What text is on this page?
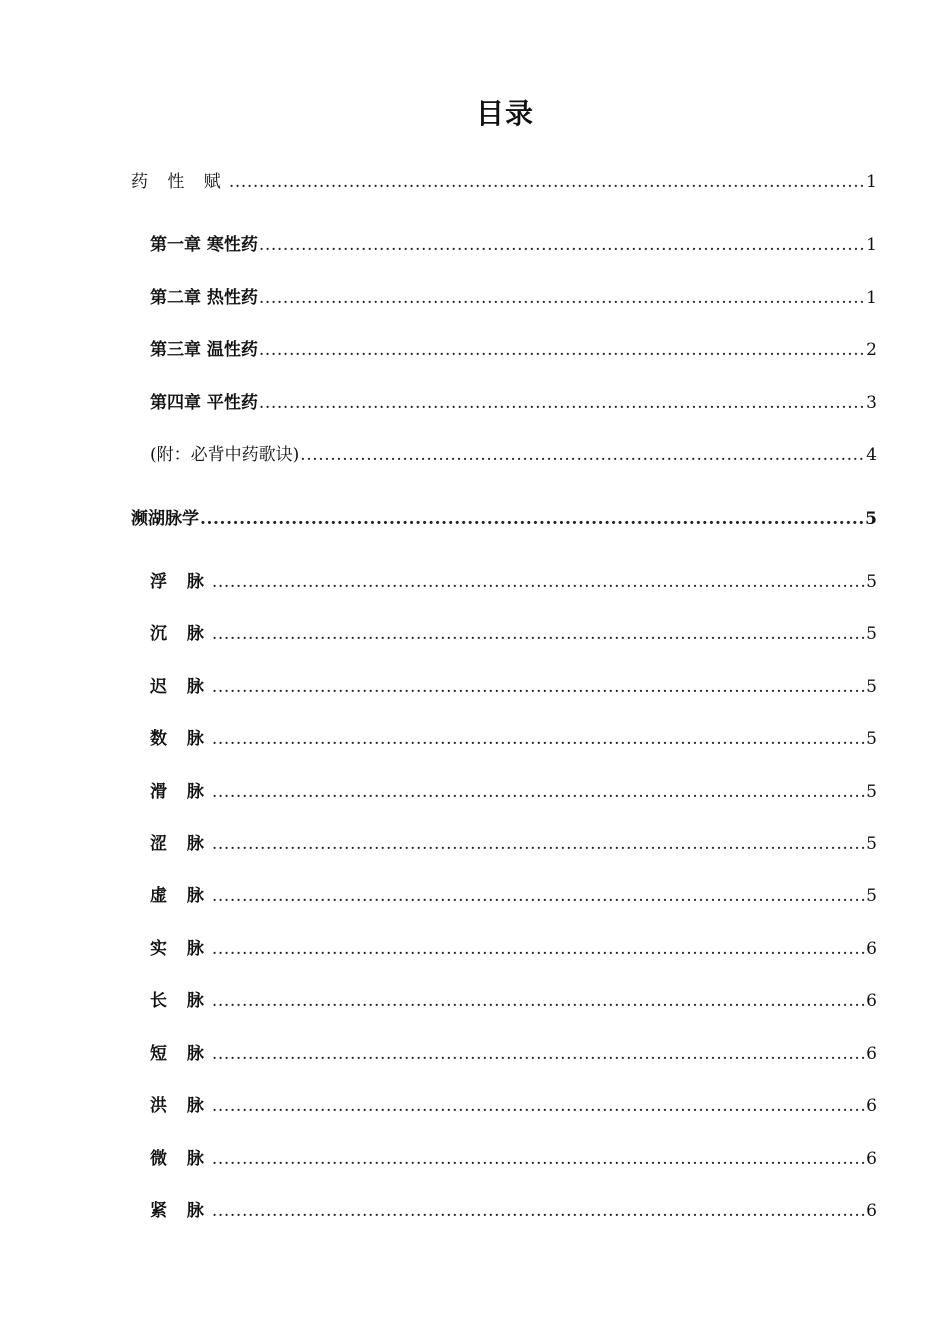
目录
药 性 赋 .....	1
第一章 寒性药 .....	1
第二章 热性药 .....	1
第三章 温性药 .....	2
第四章 平性药 .....	3
(附：必背中药歌诀) .....	4
濒湖脉学 .....	5
浮 脉 .....	5
沉 脉 .....	5
迟 脉 .....	5
数 脉 .....	5
滑 脉 .....	5
涩 脉 .....	5
虚 脉 .....	5
实 脉 .....	6
长 脉 .....	6
短 脉 .....	6
洪 脉 .....	6
微 脉 .....	6
紧 脉 .....	6
